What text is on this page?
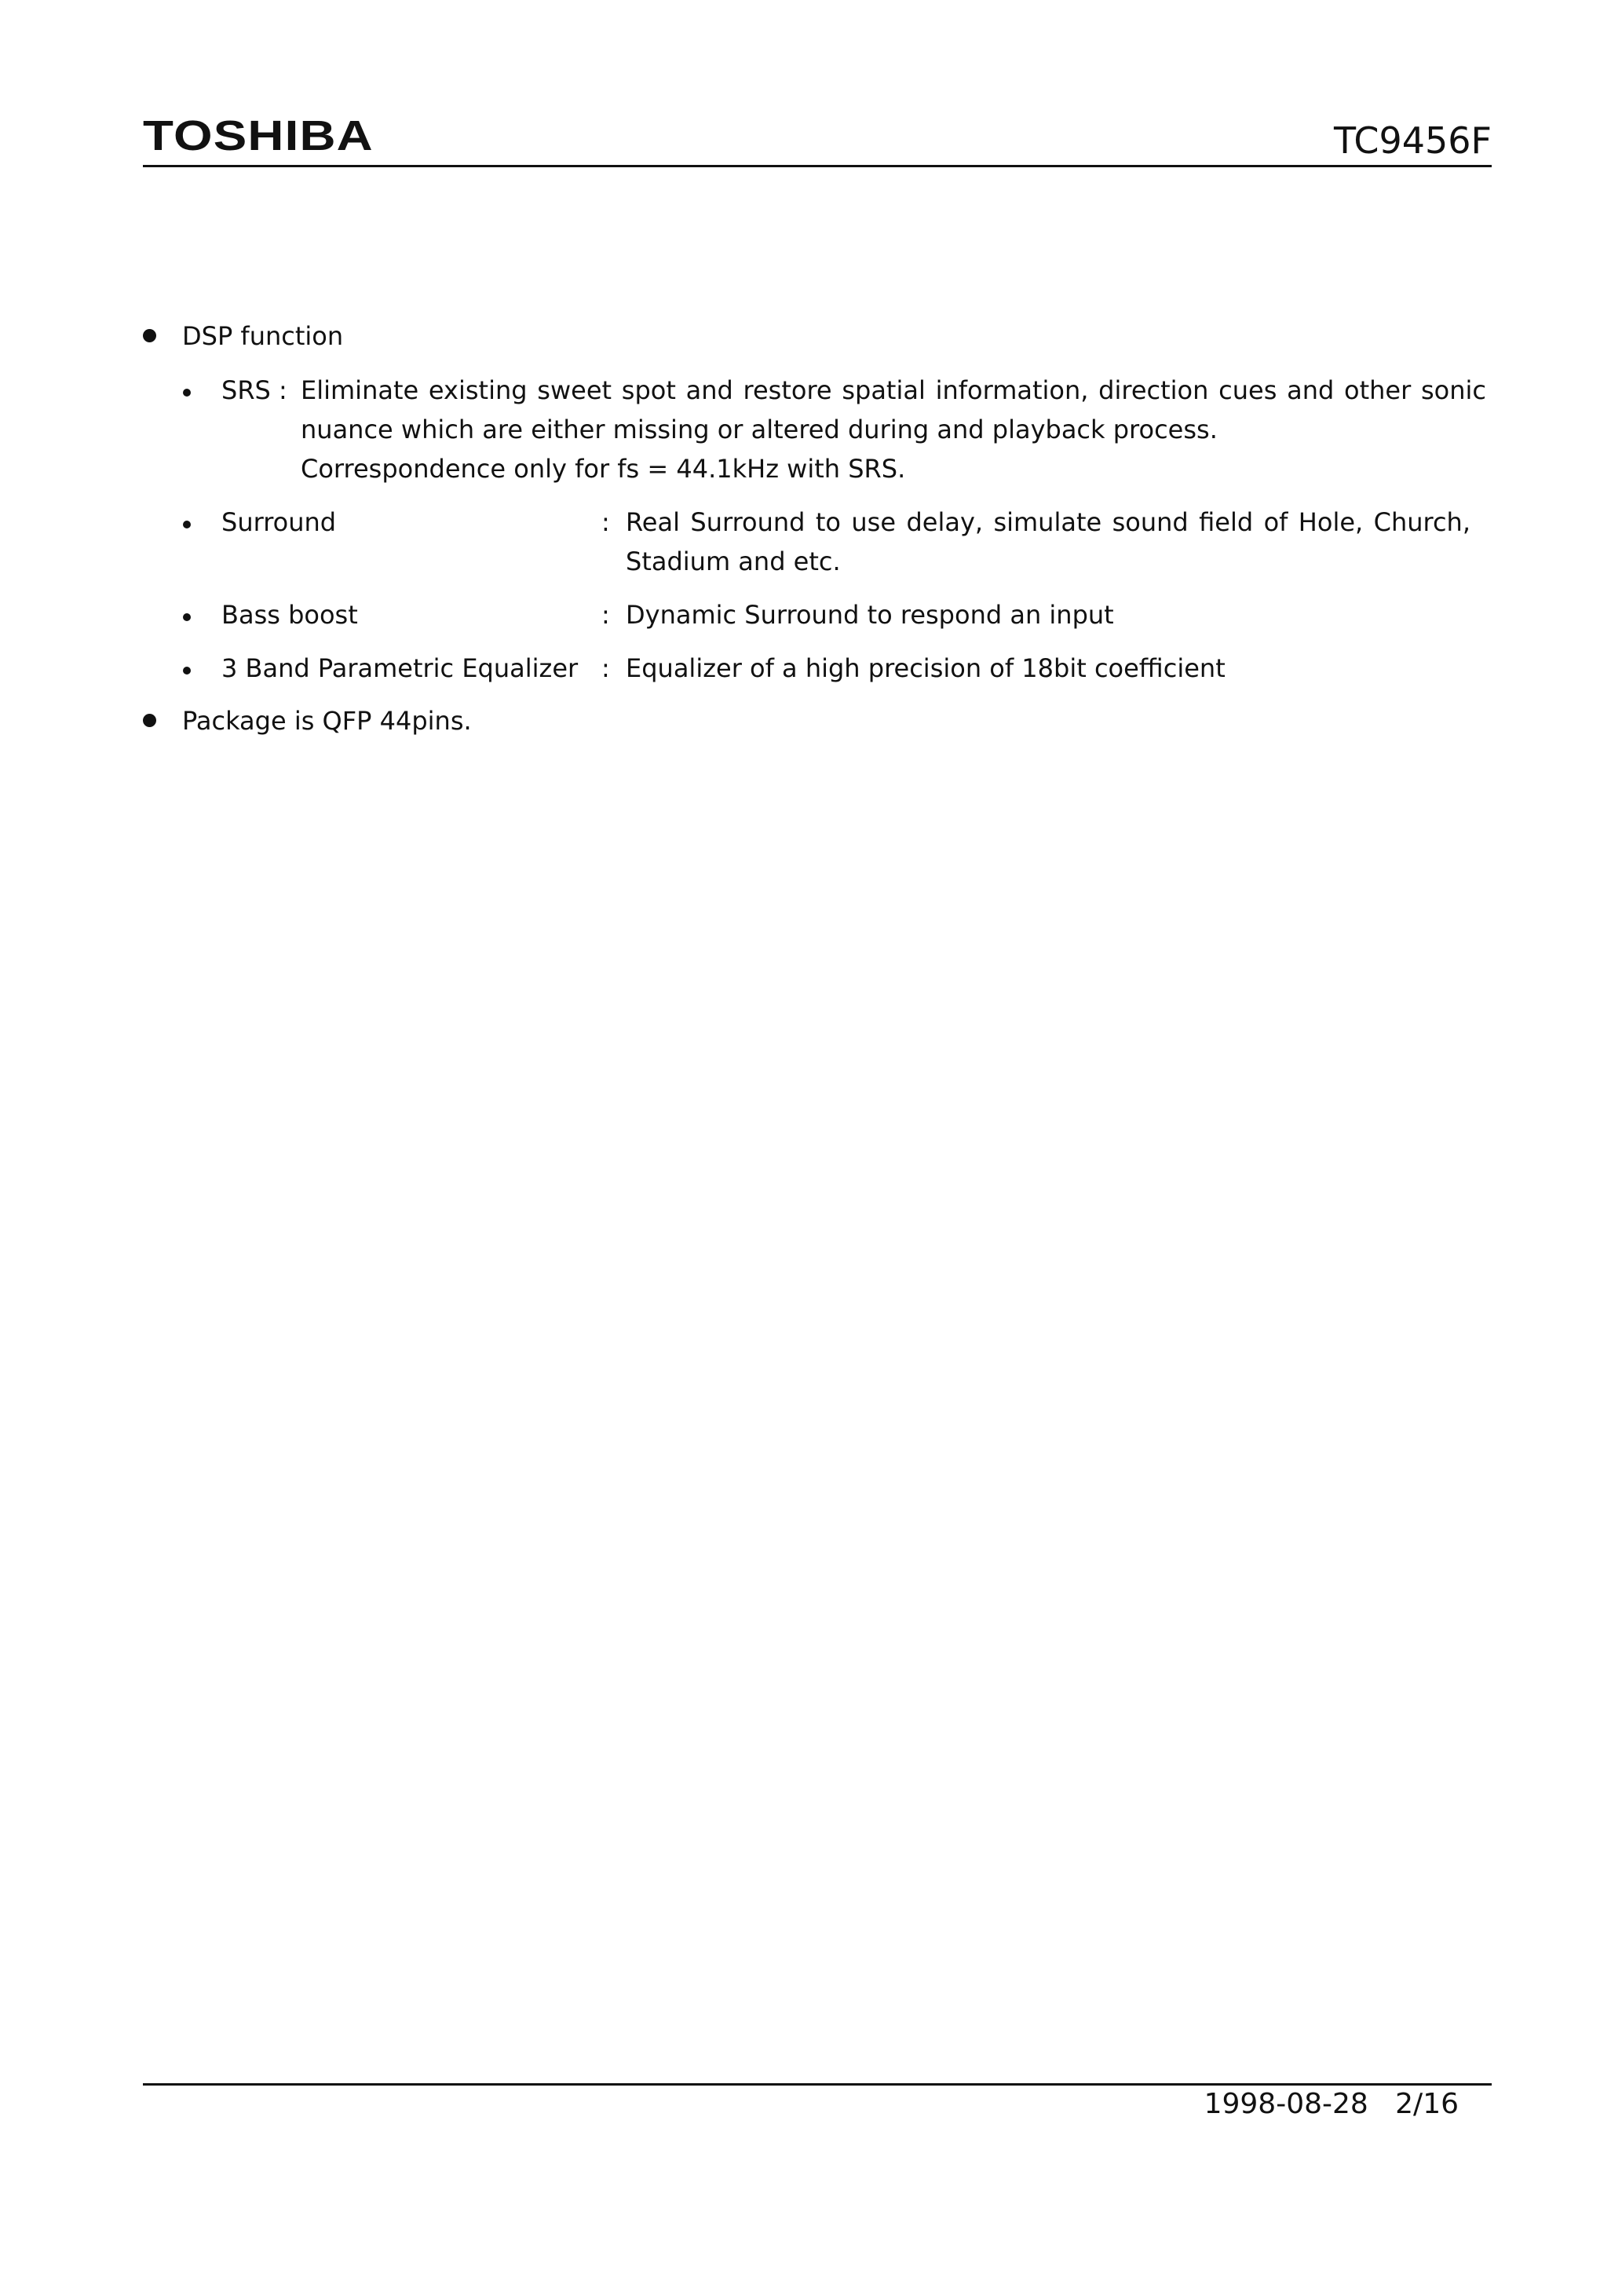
TOSHIBA	TC9456F
DSP function
SRS : Eliminate existing sweet spot and restore spatial information, direction cues and other sonic
nuance which are either missing or altered during and playback process.
Correspondence only for fs = 44.1kHz with SRS.
Surround	: Real Surround to use delay, simulate sound field of Hole, Church,
Stadium and etc.
Bass boost	: Dynamic Surround to respond an input
3 Band Parametric Equalizer : Equalizer of a high precision of 18bit coefficient
Package is QFP 44pins.
1998-08-28 2/16
